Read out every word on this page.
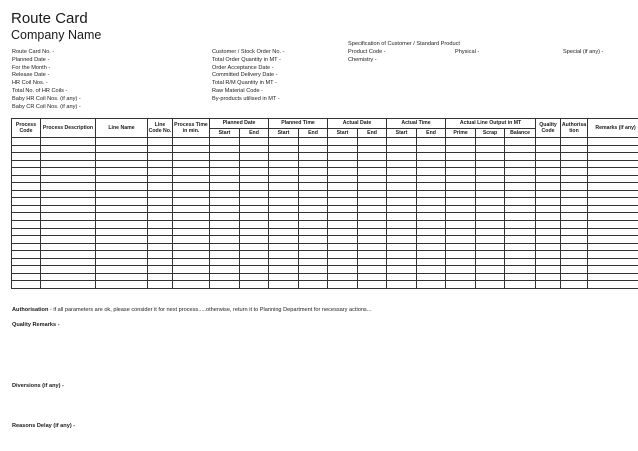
Route Card
Company Name
Route Card No. -
Planned Date -
For the Month -
Release Date -
HR Coil Nos. -
Total No. of HR Coils -
Baby HR Coil Nos. (if any) -
Baby CR Coil Nos. (if any) -
Customer / Stock Order No. -
Total Order Quantity in MT -
Order Acceptance Date -
Committed Delivery Date -
Total R/M Quantity in MT -
Raw Material Code -
By-products utilised in MT -
Specification of Customer / Standard Product
Product Code -
Chemistry -
Physical -	Special (if any) -
Process Code	Process Description	Line Name	Line Code No.	Process Time in min.	Planned Date		Planned Time		Actual Date		Actual Time		Actual Line Output in MT			Quality Code	Authorisa tion	Remarks (if any)
					Start	End	Start	End	Start	End	Start	End	Prime	Scrap	Balance			

Authorisation - if all parameters are ok, please consider it for next process.....otherwise, return it to Planning Department for necessary actions...
Quality Remarks -
Diversions (if any) -
Reasons Delay (if any) -
